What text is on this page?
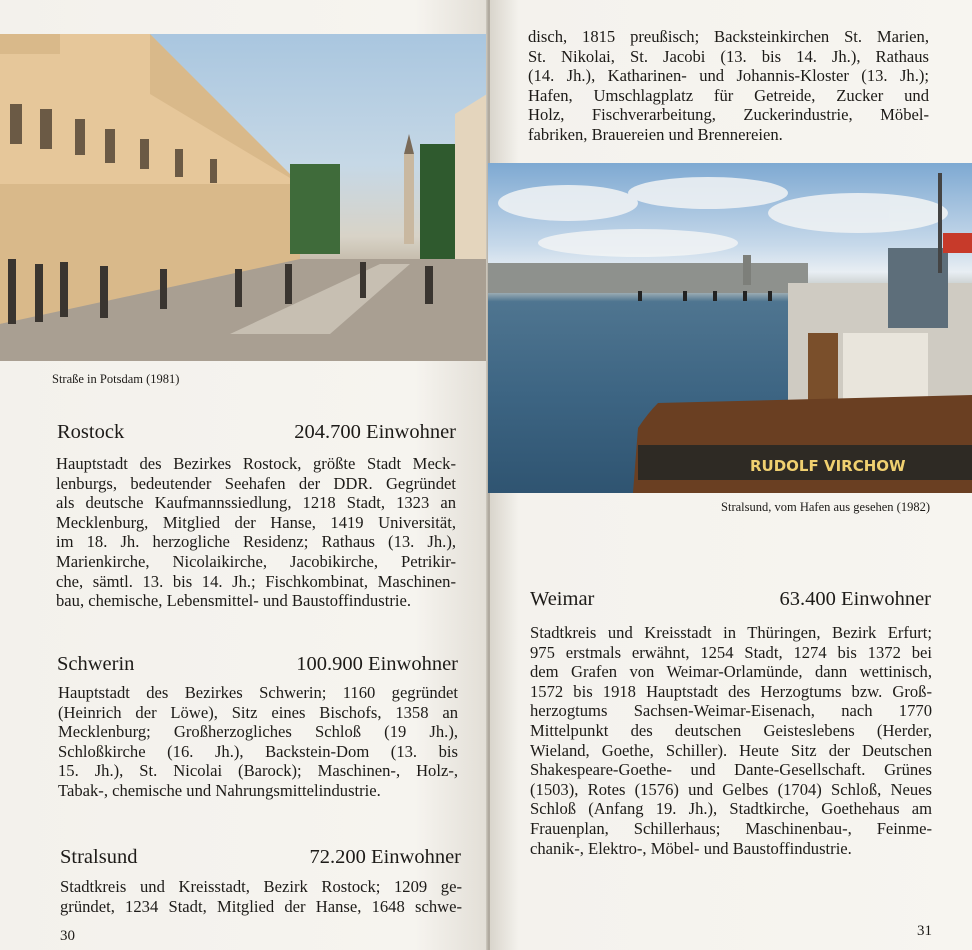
Straße in Potsdam (1981)
Rostock	204.700 Einwohner
Hauptstadt des Bezirkes Rostock, größte Stadt Meck-
lenburgs, bedeutender Seehafen der DDR. Gegründet
als deutsche Kaufmannssiedlung, 1218 Stadt, 1323 an
Mecklenburg, Mitglied der Hanse, 1419 Universität,
im 18. Jh. herzogliche Residenz; Rathaus (13. Jh.),
Marienkirche, Nicolaikirche, Jacobikirche, Petrikir-
che, sämtl. 13. bis 14. Jh.; Fischkombinat, Maschinen-
bau, chemische, Lebensmittel- und Baustoffindustrie.
Schwerin	100.900 Einwohner
Hauptstadt des Bezirkes Schwerin; 1160 gegründet
(Heinrich der Löwe), Sitz eines Bischofs, 1358 an
Mecklenburg; Großherzogliches Schloß (19 Jh.),
Schloßkirche (16. Jh.), Backstein-Dom (13. bis
15. Jh.), St. Nicolai (Barock); Maschinen-, Holz-,
Tabak-, chemische und Nahrungsmittelindustrie.
Stralsund	72.200 Einwohner
Stadtkreis und Kreisstadt, Bezirk Rostock; 1209 ge-
gründet, 1234 Stadt, Mitglied der Hanse, 1648 schwe-
30
disch, 1815 preußisch; Backsteinkirchen St. Marien,
St. Nikolai, St. Jacobi (13. bis 14. Jh.), Rathaus
(14. Jh.), Katharinen- und Johannis-Kloster (13. Jh.);
Hafen, Umschlagplatz für Getreide, Zucker und
Holz, Fischverarbeitung, Zuckerindustrie, Möbel-
fabriken, Brauereien und Brennereien.
RUDOLF VIRCHOW
Stralsund, vom Hafen aus gesehen (1982)
Weimar	63.400 Einwohner
Stadtkreis und Kreisstadt in Thüringen, Bezirk Erfurt;
975 erstmals erwähnt, 1254 Stadt, 1274 bis 1372 bei
dem Grafen von Weimar-Orlamünde, dann wettinisch,
1572 bis 1918 Hauptstadt des Herzogtums bzw. Groß-
herzogtums Sachsen-Weimar-Eisenach, nach 1770
Mittelpunkt des deutschen Geisteslebens (Herder,
Wieland, Goethe, Schiller). Heute Sitz der Deutschen
Shakespeare-Goethe- und Dante-Gesellschaft. Grünes
(1503), Rotes (1576) und Gelbes (1704) Schloß, Neues
Schloß (Anfang 19. Jh.), Stadtkirche, Goethehaus am
Frauenplan, Schillerhaus; Maschinenbau-, Feinme-
chanik-, Elektro-, Möbel- und Baustoffindustrie.
31
